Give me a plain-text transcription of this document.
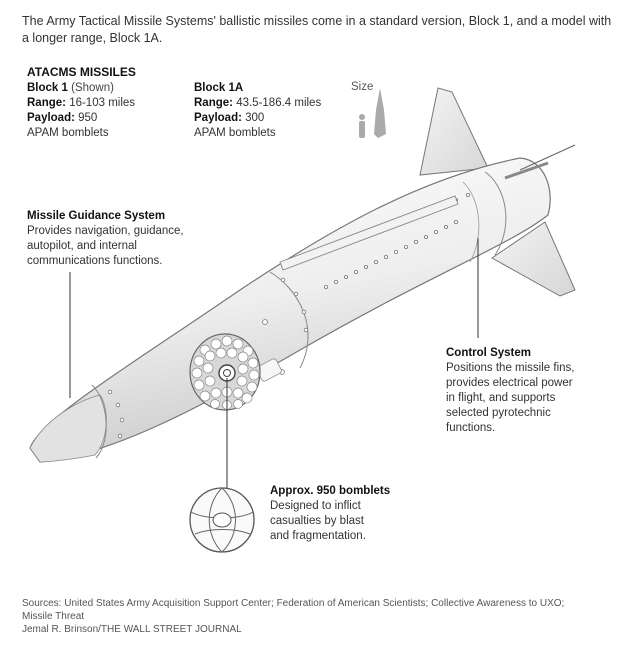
The Army Tactical Missile Systems' ballistic missiles come in a standard version, Block 1, and a model with a longer range, Block 1A.
ATACMS MISSILES
Block 1 (Shown)
Range: 16-103 miles
Payload: 950
APAM bomblets
Block 1A
Range: 43.5-186.4 miles
Payload: 300
APAM bomblets
Size
Missile Guidance System
Provides navigation, guidance,
autopilot, and internal
communications functions.
Control System
Positions the missile fins,
provides electrical power
in flight, and supports
selected pyrotechnic
functions.
Approx. 950 bomblets
Designed to inflict
casualties by blast
and fragmentation.
Sources: United States Army Acquisition Support Center; Federation of American Scientists; Collective Awareness to UXO;
Missile Threat
Jemal R. Brinson/THE WALL STREET JOURNAL
